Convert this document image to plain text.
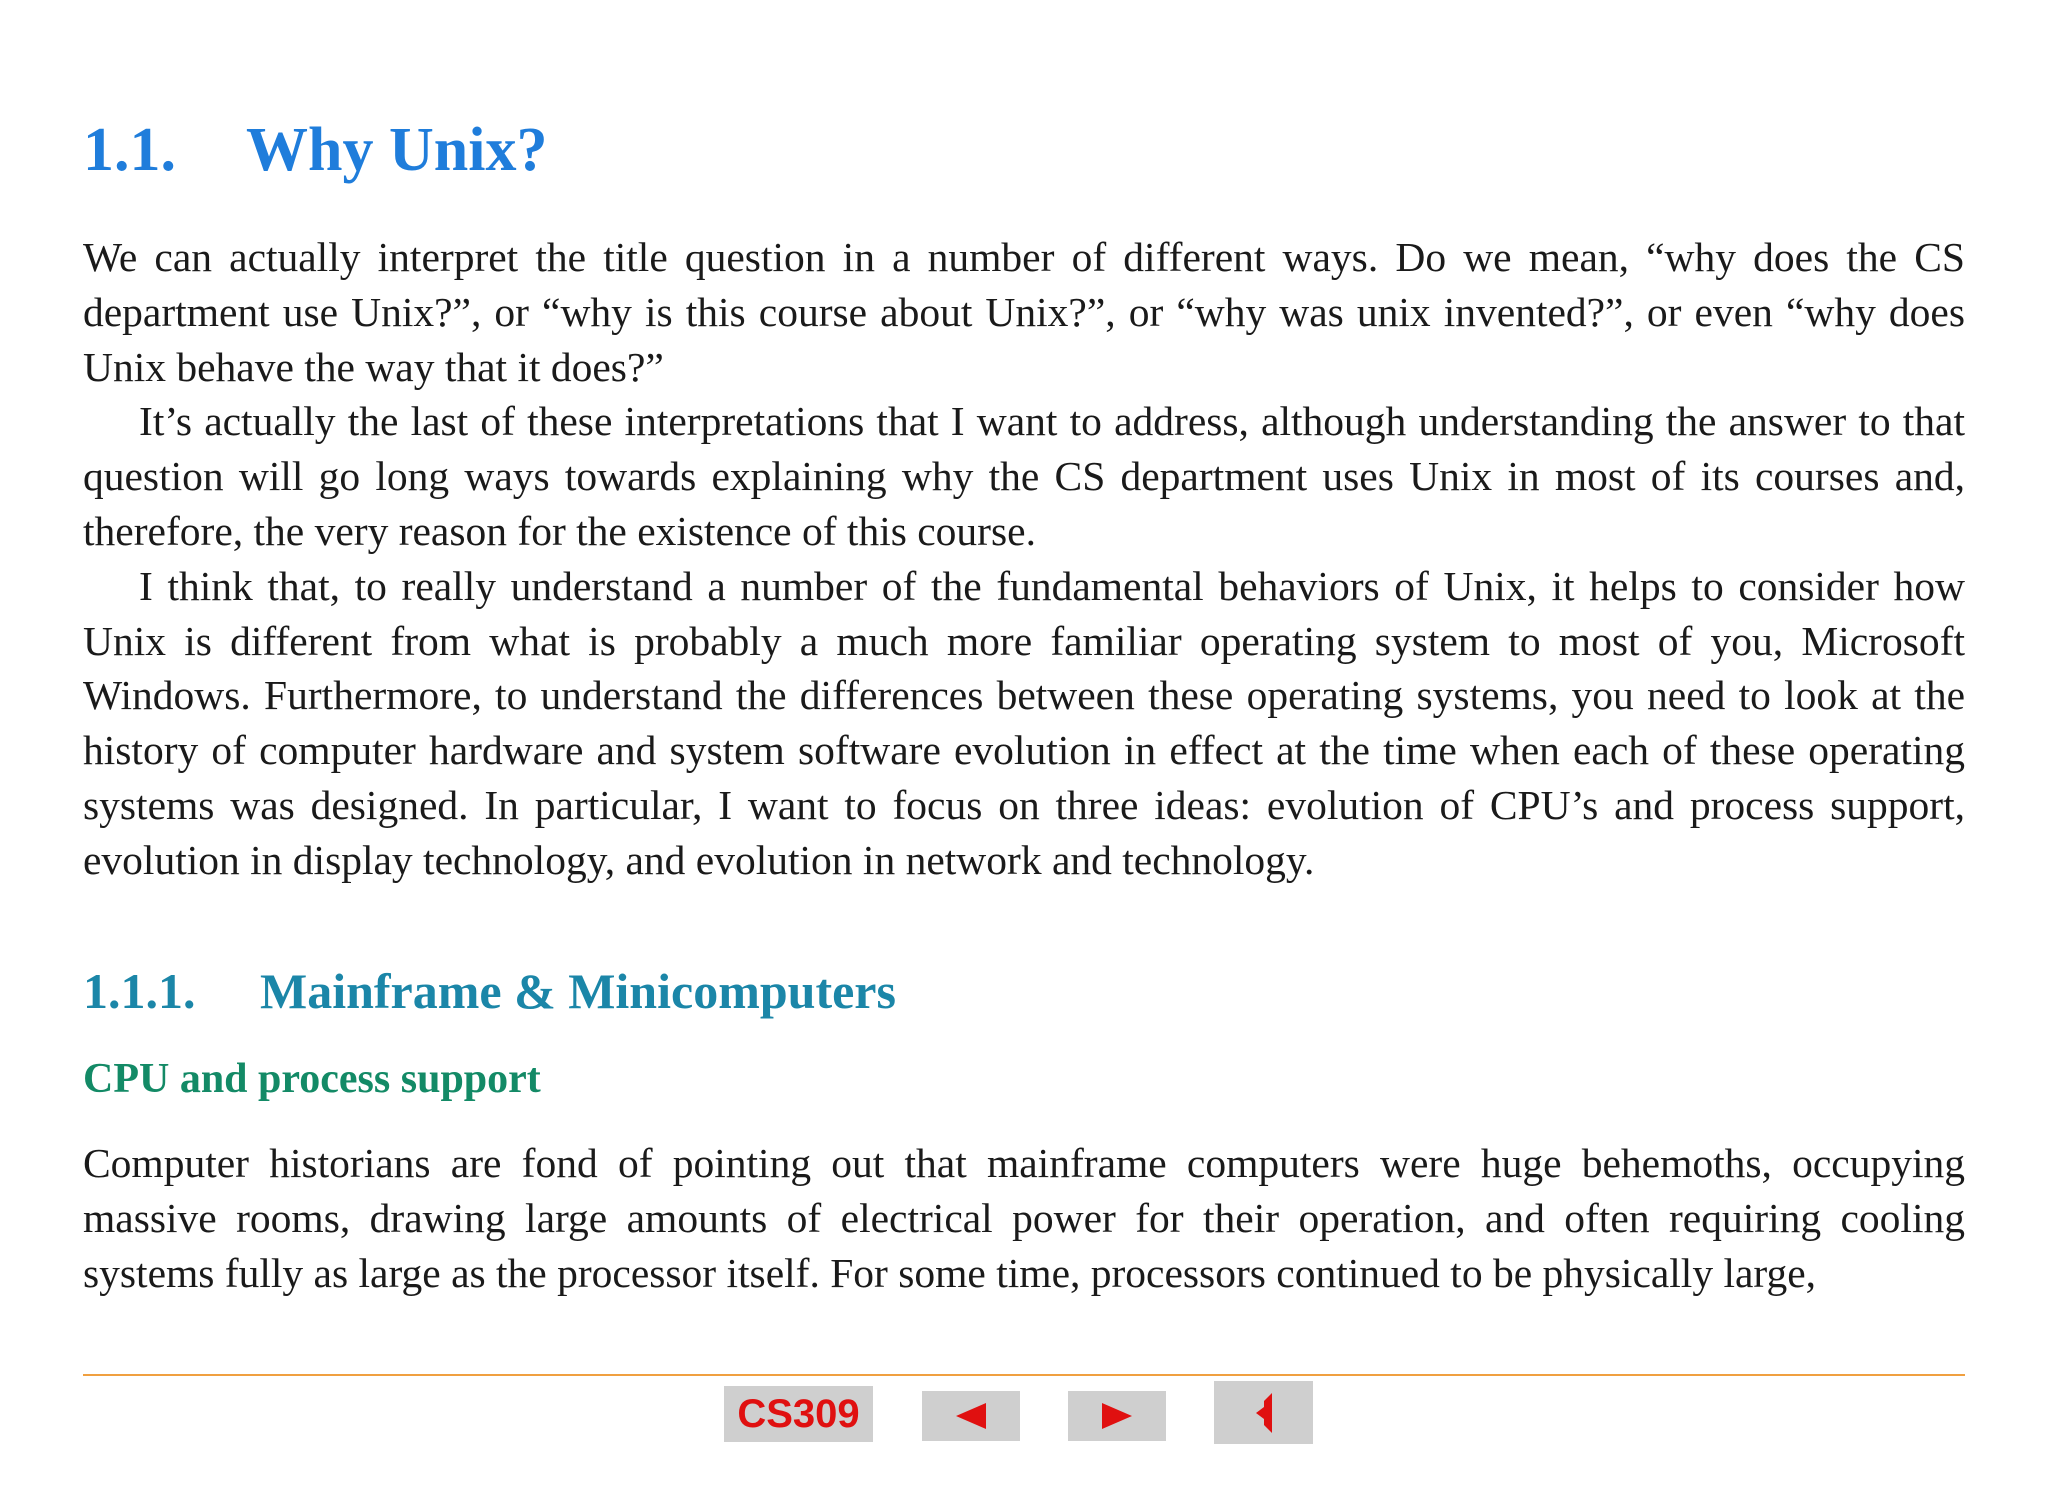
1.1. Why Unix?

We can actually interpret the title question in a number of different ways. Do we mean, “why does the CS department use Unix?”, or “why is this course about Unix?”, or “why was unix invented?”, or even “why does Unix behave the way that it does?”

It’s actually the last of these interpretations that I want to address, although understanding the answer to that question will go long ways towards explaining why the CS department uses Unix in most of its courses and, therefore, the very reason for the existence of this course.

I think that, to really understand a number of the fundamental behaviors of Unix, it helps to consider how Unix is different from what is probably a much more familiar operating system to most of you, Microsoft Windows. Furthermore, to understand the differences between these operating systems, you need to look at the history of computer hardware and system software evolution in effect at the time when each of these operating systems was designed. In particular, I want to focus on three ideas: evolution of CPU’s and process support, evolution in display technology, and evolution in network and technology.

1.1.1. Mainframe & Minicomputers
CPU and process support

Computer historians are fond of pointing out that mainframe computers were huge behemoths, occupying massive rooms, drawing large amounts of electrical power for their operation, and often requiring cooling systems fully as large as the processor itself. For some time, processors continued to be physically large,

CS309
